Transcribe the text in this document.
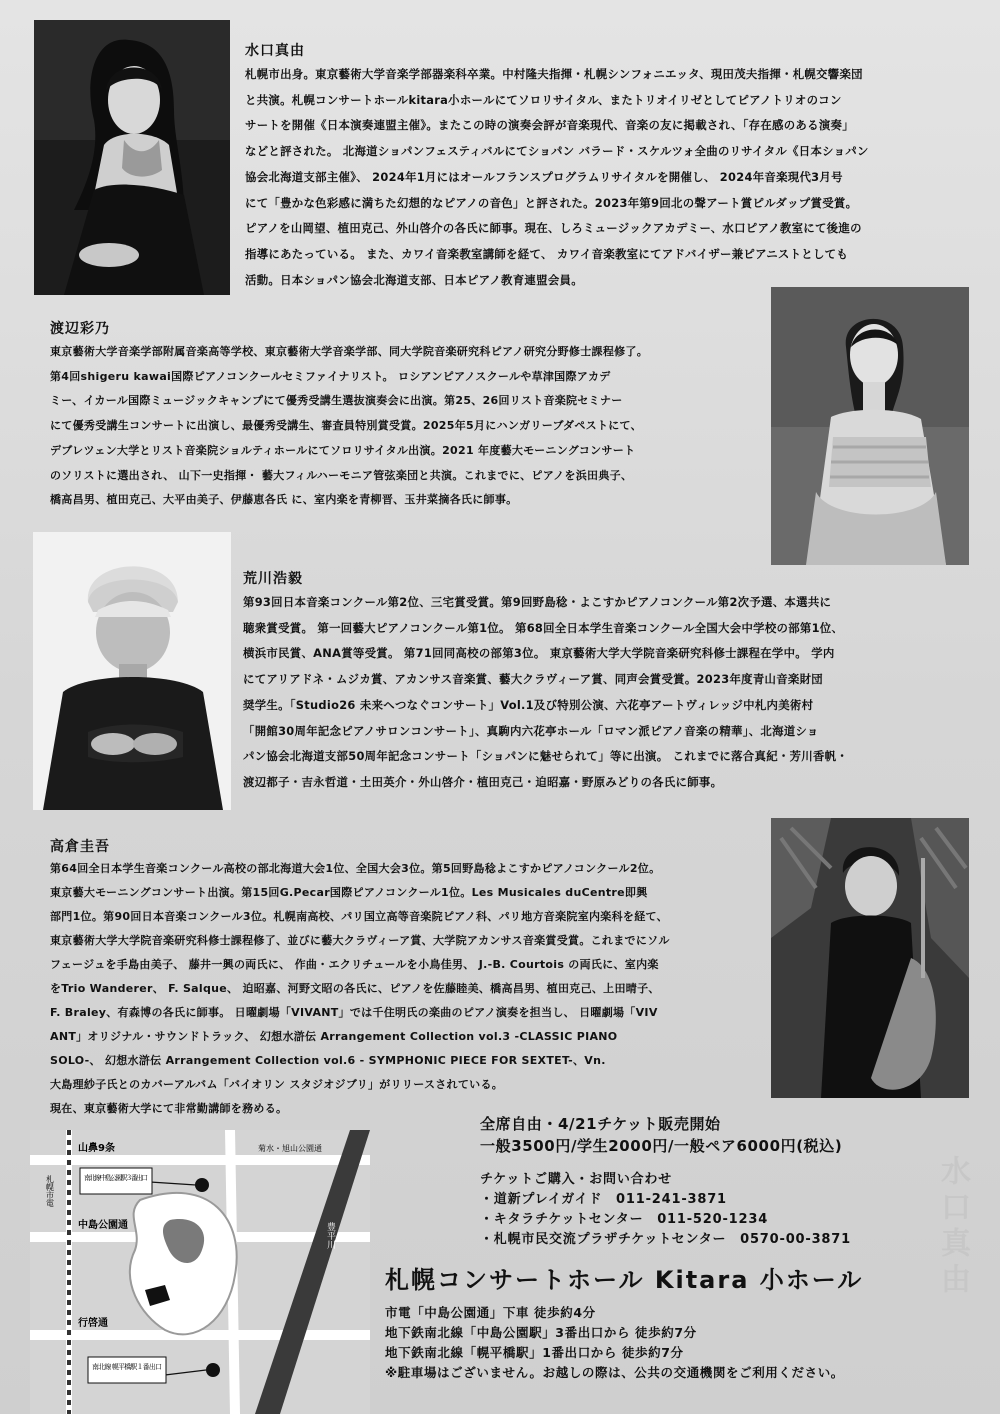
水口真由

水口真由

札幌市出身。東京藝術大学音楽学部器楽科卒業。中村隆夫指揮・札幌シンフォニエッタ、現田茂夫指揮・札幌交響楽団
と共演。札幌コンサートホールkitara小ホールにてソロリサイタル、またトリオイリゼとしてピアノトリオのコン
サートを開催《日本演奏連盟主催》。またこの時の演奏会評が音楽現代、音楽の友に掲載され、「存在感のある演奏」
などと評された。 北海道ショパンフェスティバルにてショパン バラード・スケルツォ全曲のリサイタル《日本ショパン
協会北海道支部主催》、 2024年1月にはオールフランスプログラムリサイタルを開催し、 2024年音楽現代3月号
にて「豊かな色彩感に満ちた幻想的なピアノの音色」と評された。2023年第9回北の聲アート賞ピルダップ賞受賞。
ピアノを山岡望、植田克己、外山啓介の各氏に師事。現在、しろミュージックアカデミー、水口ピアノ教室にて後進の
指導にあたっている。 また、カワイ音楽教室講師を経て、 カワイ音楽教室にてアドバイザー兼ピアニストとしても
活動。日本ショパン協会北海道支部、日本ピアノ教育連盟会員。

渡辺彩乃

東京藝術大学音楽学部附属音楽高等学校、東京藝術大学音楽学部、同大学院音楽研究科ピアノ研究分野修士課程修了。
第4回shigeru kawai国際ピアノコンクールセミファイナリスト。 ロシアンピアノスクールや草津国際アカデ
ミー、イカール国際ミュージックキャンプにて優秀受講生選抜演奏会に出演。第25、26回リスト音楽院セミナー
にて優秀受講生コンサートに出演し、最優秀受講生、審査員特別賞受賞。2025年5月にハンガリーブダペストにて、
デブレツェン大学とリスト音楽院ショルティホールにてソロリサイタル出演。2021 年度藝大モーニングコンサート
のソリストに選出され、 山下一史指揮・ 藝大フィルハーモニア管弦楽団と共演。これまでに、ピアノを浜田典子、
橋高昌男、植田克己、大平由美子、伊藤恵各氏 に、室内楽を青柳晋、玉井菜摘各氏に師事。

荒川浩毅

第93回日本音楽コンクール第2位、三宅賞受賞。第9回野島稔・よこすかピアノコンクール第2次予選、本選共に
聴衆賞受賞。 第一回藝大ピアノコンクール第1位。 第68回全日本学生音楽コンクール全国大会中学校の部第1位、
横浜市民賞、ANA賞等受賞。 第71回同高校の部第3位。 東京藝術大学大学院音楽研究科修士課程在学中。 学内
にてアリアドネ・ムジカ賞、アカンサス音楽賞、藝大クラヴィーア賞、同声会賞受賞。2023年度青山音楽財団
奨学生。「Studio26 未来へつなぐコンサート」Vol.1及び特別公演、六花亭アートヴィレッジ中札内美術村
「開館30周年記念ピアノサロンコンサート」、真駒内六花亭ホール「ロマン派ピアノ音楽の精華」、北海道ショ
パン協会北海道支部50周年記念コンサート「ショパンに魅せられて」等に出演。 これまでに落合真紀・芳川香帆・
渡辺都子・吉永哲道・土田英介・外山啓介・植田克己・迫昭嘉・野原みどりの各氏に師事。

高倉圭吾

第64回全日本学生音楽コンクール高校の部北海道大会1位、全国大会3位。第5回野島稔よこすかピアノコンクール2位。
東京藝大モーニングコンサート出演。第15回G.Pecar国際ピアノコンクール1位。Les Musicales duCentre即興
部門1位。第90回日本音楽コンクール3位。札幌南高校、パリ国立高等音楽院ピアノ科、パリ地方音楽院室内楽科を経て、
東京藝術大学大学院音楽研究科修士課程修了、並びに藝大クラヴィーア賞、大学院アカンサス音楽賞受賞。これまでにソル
フェージュを手島由美子、 藤井一興の両氏に、 作曲・エクリチュールを小鳥佳男、 J.-B. Courtois の両氏に、室内楽
をTrio Wanderer、 F. Salque、 迫昭嘉、河野文昭の各氏に、ピアノを佐藤睦美、橋高昌男、植田克己、上田晴子、
F. Braley、有森博の各氏に師事。 日曜劇場「VIVANT」では千住明氏の楽曲のピアノ演奏を担当し、 日曜劇場「VIV
ANT」オリジナル・サウンドトラック、 幻想水滸伝 Arrangement Collection vol.3 -CLASSIC PIANO
SOLO-、 幻想水滸伝 Arrangement Collection vol.6 - SYMPHONIC PIECE FOR SEXTET-、Vn.
大島理紗子氏とのカバーアルバム「バイオリン スタジオジブリ」がリリースされている。
現在、東京藝術大学にて非常勤講師を務める。
全席自由・4/21チケット販売開始
一般3500円/学生2000円/一般ペア6000円(税込)
チケットご購入・お問い合わせ
・道新プレイガイド　011-241-3871
・キタラチケットセンター　011-520-1234
・札幌市民交流プラザチケットセンター　0570-00-3871

札幌コンサートホール Kitara 小ホール

市電「中島公園通」下車 徒歩約4分
地下鉄南北線「中島公園駅」3番出口から 徒歩約7分
地下鉄南北線「幌平橋駅」1番出口から 徒歩約7分
※駐車場はございません。お越しの際は、公共の交通機関をご利用ください。
山鼻9条	菊水・旭山公園通
中島公園通
行啓通
南北線 中島公園駅３番出口
南北線 幌平橋駅１番出口
札幌市電
豊平川
